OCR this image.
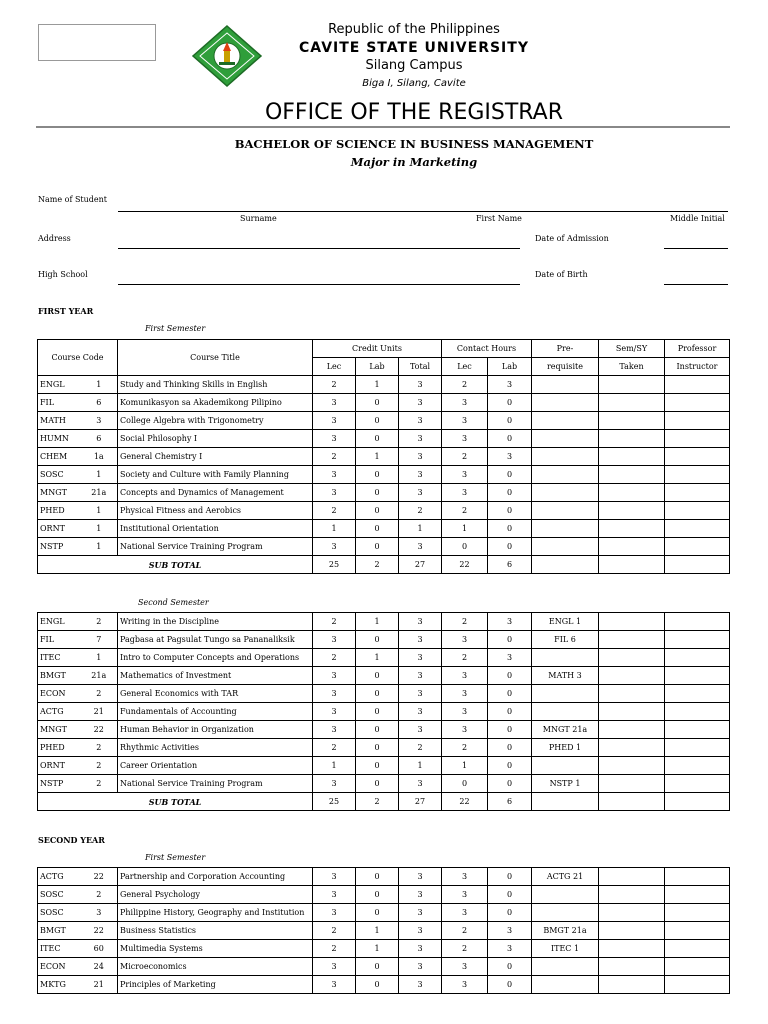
Republic of the Philippines
CAVITE STATE UNIVERSITY
Silang Campus
Biga I, Silang, Cavite
OFFICE OF THE REGISTRAR
BACHELOR OF SCIENCE IN BUSINESS MANAGEMENT
Major in Marketing
Name of Student
Surname	First Name	Middle Initial
Address	Date of Admission
High School	Date of Birth
FIRST YEAR
First Semester
Course Code		Course Title	Credit Units			Contact Hours		Pre-	Sem/SY	Professor
			Lec	Lab	Total	Lec	Lab	requisite	Taken	Instructor
ENGL	1	Study and Thinking Skills in English	2	1	3	2	3			
FIL	6	Komunikasyon sa Akademikong Pilipino	3	0	3	3	0			
MATH	3	College Algebra with Trigonometry	3	0	3	3	0			
HUMN	6	Social Philosophy I	3	0	3	3	0			
CHEM	1a	General Chemistry I	2	1	3	2	3			
SOSC	1	Society and Culture with Family Planning	3	0	3	3	0			
MNGT	21a	Concepts and Dynamics of Management	3	0	3	3	0			
PHED	1	Physical Fitness and Aerobics	2	0	2	2	0			
ORNT	1	Institutional Orientation	1	0	1	1	0			
NSTP	1	National Service Training Program	3	0	3	0	0			
SUB TOTAL			25	2	27	22	6			
Second Semester
ENGL	2	Writing in the Discipline	2	1	3	2	3	ENGL 1		
FIL	7	Pagbasa at Pagsulat Tungo sa Pananaliksik	3	0	3	3	0	FIL 6		
ITEC	1	Intro to Computer Concepts and Operations	2	1	3	2	3			
BMGT	21a	Mathematics of Investment	3	0	3	3	0	MATH 3		
ECON	2	General Economics with TAR	3	0	3	3	0			
ACTG	21	Fundamentals of Accounting	3	0	3	3	0			
MNGT	22	Human Behavior in Organization	3	0	3	3	0	MNGT 21a		
PHED	2	Rhythmic Activities	2	0	2	2	0	PHED 1		
ORNT	2	Career Orientation	1	0	1	1	0			
NSTP	2	National Service Training Program	3	0	3	0	0	NSTP 1		
SUB TOTAL			25	2	27	22	6			
SECOND YEAR
First Semester
ACTG	22	Partnership and Corporation Accounting	3	0	3	3	0	ACTG 21		
SOSC	2	General Psychology	3	0	3	3	0			
SOSC	3	Philippine History, Geography and Institution	3	0	3	3	0			
BMGT	22	Business Statistics	2	1	3	2	3	BMGT 21a		
ITEC	60	Multimedia Systems	2	1	3	2	3	ITEC 1		
ECON	24	Microeconomics	3	0	3	3	0			
MKTG	21	Principles of Marketing	3	0	3	3	0			
